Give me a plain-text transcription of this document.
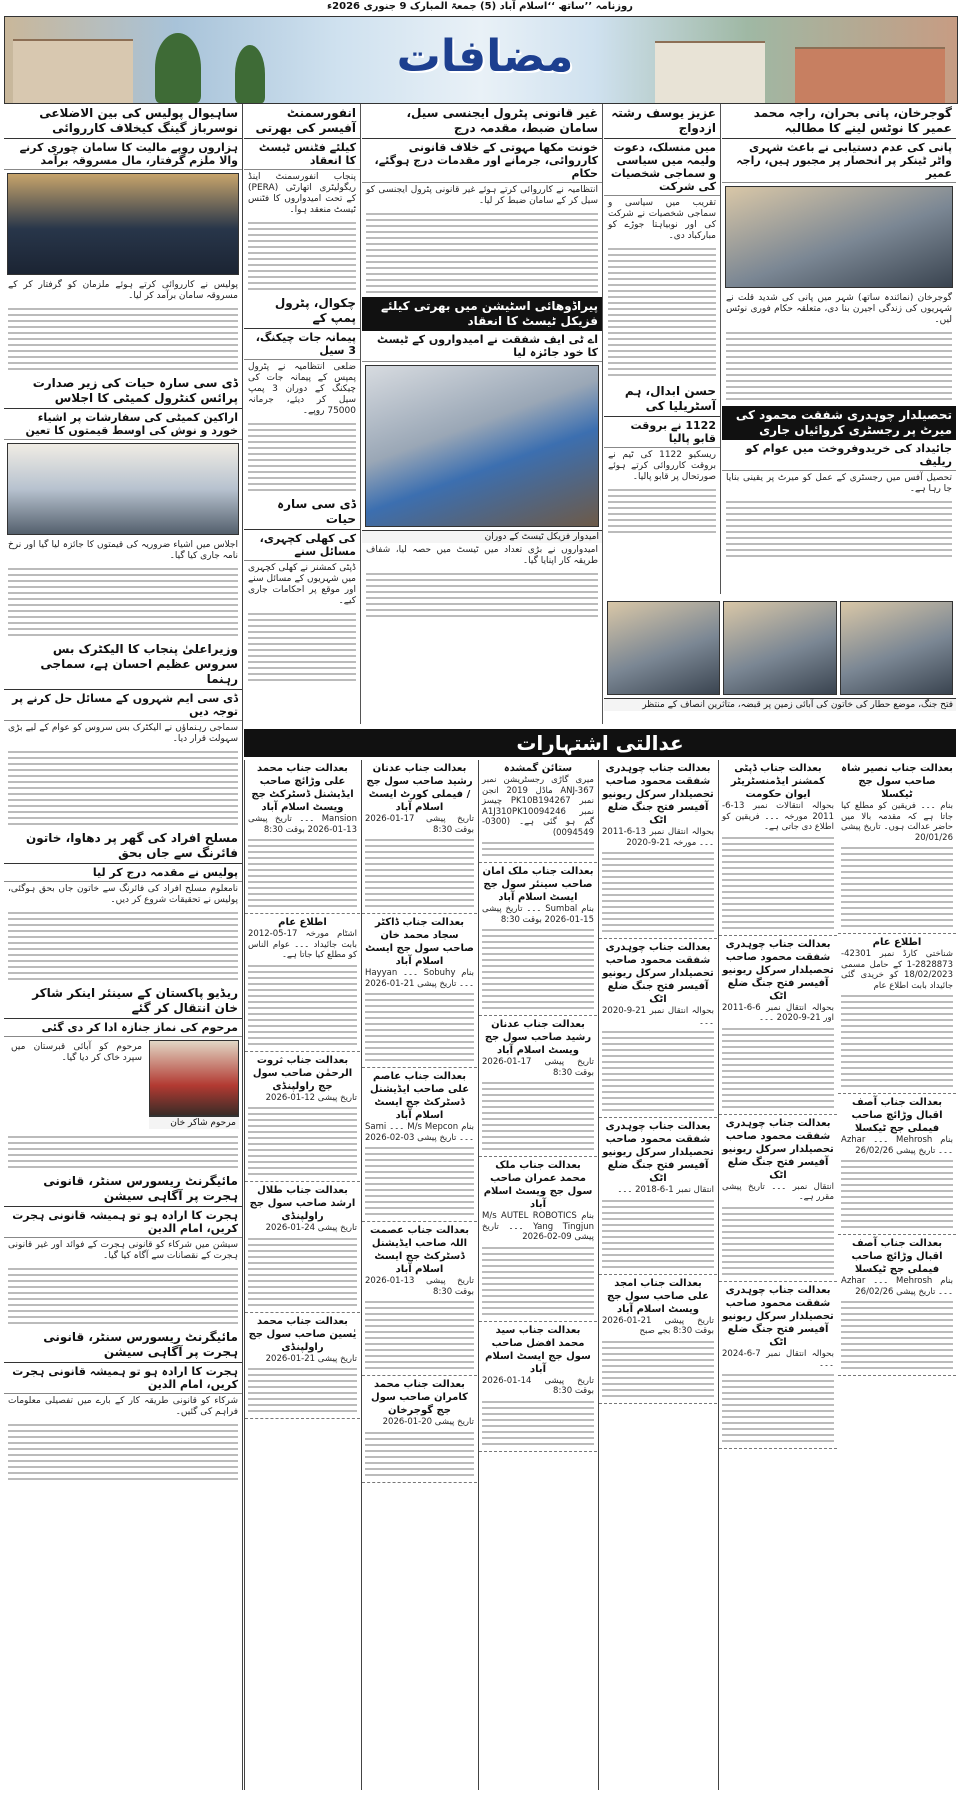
روزنامہ ’’ساتھ ‘‘اسلام آباد (5) جمعۃ المبارک 9 جنوری 2026ء
مضافات
گوجرخان، پانی بحران، راجہ محمد عمیر کا نوٹس لینے کا مطالبہ
پانی کی عدم دستیابی نے باعث شہری واٹر ٹینکر پر انحصار پر مجبور ہیں، راجہ عمیر
گوجرخان (نمائندہ ساتھ) شہر میں پانی کی شدید قلت نے شہریوں کی زندگی اجیرن بنا دی، متعلقہ حکام فوری نوٹس لیں۔
تحصیلدار چوہدری شفقت محمود کی میرٹ پر رجسٹری کروائیاں جاری
جائیداد کی خریدوفروخت میں عوام کو ریلیف
تحصیل آفس میں رجسٹری کے عمل کو میرٹ پر یقینی بنایا جا رہا ہے۔
عزیز یوسف رشتہ ازدواج
میں منسلک، دعوت ولیمہ میں سیاسی و سماجی شخصیات کی شرکت
تقریب میں سیاسی و سماجی شخصیات نے شرکت کی اور نوبیاہتا جوڑے کو مبارکباد دی۔
حسن ابدال، ہم آسٹریلیا کی
1122 نے بروقت قابو پالیا
ریسکیو 1122 کی ٹیم نے بروقت کارروائی کرتے ہوئے صورتحال پر قابو پالیا۔
فتح جنگ، موضع حطار کی خاتون کی آبائی زمین پر قبضہ، متاثرین انصاف کے منتظر
غیر قانونی پٹرول ایجنسی سیل، سامان ضبط، مقدمہ درج
خونت مکھا مہوتی کے خلاف قانونی کارروائی، جرمانے اور مقدمات درج ہوگئے، حکام
انتظامیہ نے کارروائی کرتے ہوئے غیر قانونی پٹرول ایجنسی کو سیل کر کے سامان ضبط کر لیا۔
پیراڈوھائی اسٹیشن میں بھرتی کیلئے فزیکل ٹیسٹ کا انعقاد
اے ٹی ایف شفقت نے امیدواروں کے ٹیسٹ کا خود جائزہ لیا
امیدوار فزیکل ٹیسٹ کے دوران
امیدواروں نے بڑی تعداد میں ٹیسٹ میں حصہ لیا، شفاف طریقہ کار اپنایا گیا۔
انفورسمنٹ آفیسر کی بھرتی
کیلئے فٹنس ٹیسٹ کا انعقاد
پنجاب انفورسمنٹ اینڈ ریگولیٹری اتھارٹی (PERA) کے تحت امیدواروں کا فٹنس ٹیسٹ منعقد ہوا۔
چکوال، پٹرول پمپ کے
پیمانہ جات چیکنگ، 3 سیل
ضلعی انتظامیہ نے پٹرول پمپس کے پیمانہ جات کی چیکنگ کے دوران 3 پمپ سیل کر دیئے، جرمانہ 75000 روپے۔
ڈی سی سارہ حیات
کی کھلی کچہری، مسائل سنے
ڈپٹی کمشنر نے کھلی کچہری میں شہریوں کے مسائل سنے اور موقع پر احکامات جاری کیے۔
ساہیوال پولیس کی بین الاضلاعی نوسرباز گینگ کیخلاف کارروائی
ہزاروں روپے مالیت کا سامان چوری کرنے والا ملزم گرفتار، مال مسروقہ برآمد
پولیس نے کارروائی کرتے ہوئے ملزمان کو گرفتار کر کے مسروقہ سامان برآمد کر لیا۔
ڈی سی سارہ حیات کی زیر صدارت پرائس کنٹرول کمیٹی کا اجلاس
اراکین کمیٹی کی سفارشات پر اشیاء خورد و نوش کی اوسط قیمتوں کا تعین
اجلاس میں اشیاء ضروریہ کی قیمتوں کا جائزہ لیا گیا اور نرخ نامہ جاری کیا گیا۔
وزیراعلیٰ پنجاب کا الیکٹرک بس سروس عظیم احسان ہے، سماجی رہنما
ڈی سی ایم شہروں کے مسائل حل کرنے پر توجہ دیں
سماجی رہنماؤں نے الیکٹرک بس سروس کو عوام کے لیے بڑی سہولت قرار دیا۔
مسلح افراد کی گھر پر دھاوا، خاتون فائرنگ سے جاں بحق
پولیس نے مقدمہ درج کر لیا
نامعلوم مسلح افراد کی فائرنگ سے خاتون جاں بحق ہوگئی، پولیس نے تحقیقات شروع کر دیں۔
ریڈیو پاکستان کے سینئر اینکر شاکر خان انتقال کر گئے
مرحوم کی نماز جنازہ ادا کر دی گئی
مرحوم کو آبائی قبرستان میں سپرد خاک کر دیا گیا۔
مرحوم شاکر خان
مائیگرنٹ ریسورس سنٹر، قانونی ہجرت پر آگاہی سیشن
ہجرت کا ارادہ ہو تو ہمیشہ قانونی ہجرت کریں، امام الدین
سیشن میں شرکاء کو قانونی ہجرت کے فوائد اور غیر قانونی ہجرت کے نقصانات سے آگاہ کیا گیا۔
مائیگرنٹ ریسورس سنٹر، قانونی ہجرت پر آگاہی سیشن
ہجرت کا ارادہ ہو تو ہمیشہ قانونی ہجرت کریں، امام الدین
شرکاء کو قانونی طریقہ کار کے بارے میں تفصیلی معلومات فراہم کی گئیں۔
عدالتی اشتہارات
بعدالت جناب نصیر شاہ صاحب سول جج ٹیکسلا
بنام ۔۔۔ فریقین کو مطلع کیا جاتا ہے کہ مقدمہ بالا میں حاضر عدالت ہوں۔ تاریخ پیشی 20/01/26
اطلاع عام
شناختی کارڈ نمبر 42301-2828873-1 کے حامل مسمی 18/02/2023 کو خریدی گئی جائیداد بابت اطلاع عام
بعدالت جناب آصف اقبال وڑائچ صاحب فیملی جج ٹیکسلا
بنام Mehrosh ۔۔۔ Azhar ۔۔۔ تاریخ پیشی 26/02/26
بعدالت جناب آصف اقبال وڑائچ صاحب فیملی جج ٹیکسلا
بنام Mehrosh ۔۔۔ Azhar ۔۔۔ تاریخ پیشی 26/02/26
بعدالت جناب ڈپٹی کمشنر ایڈمنسٹریٹر ایوان حکومت
بحوالہ انتقالات نمبر 13-6-2011 مورخہ ۔۔۔ فریقین کو اطلاع دی جاتی ہے۔
بعدالت جناب چوہدری شفقت محمود صاحب تحصیلدار سرکل ریونیو آفیسر فتح جنگ ضلع اٹک
بحوالہ انتقال نمبر 6-6-2011 اور 21-9-2020 ۔۔۔
بعدالت جناب چوہدری شفقت محمود صاحب تحصیلدار سرکل ریونیو آفیسر فتح جنگ ضلع اٹک
انتقال نمبر ۔۔۔ تاریخ پیشی مقرر ہے۔
بعدالت جناب چوہدری شفقت محمود صاحب تحصیلدار سرکل ریونیو آفیسر فتح جنگ ضلع اٹک
بحوالہ انتقال نمبر 7-6-2024 ۔۔۔
بعدالت جناب چوہدری شفقت محمود صاحب تحصیلدار سرکل ریونیو آفیسر فتح جنگ ضلع اٹک
بحوالہ انتقال نمبر 13-6-2011 ۔۔۔ مورخہ 21-9-2020
بعدالت جناب چوہدری شفقت محمود صاحب تحصیلدار سرکل ریونیو آفیسر فتح جنگ ضلع اٹک
بحوالہ انتقال نمبر 21-9-2020 ۔۔۔
بعدالت جناب چوہدری شفقت محمود صاحب تحصیلدار سرکل ریونیو آفیسر فتح جنگ ضلع اٹک
انتقال نمبر 1-6-2018 ۔۔۔
بعدالت جناب امجد علی صاحب سول جج ویسٹ اسلام آباد
تاریخ پیشی 21-01-2026 بوقت 8:30 بجے صبح
ستائن گمشدہ
میری گاڑی رجسٹریشن نمبر ANJ-367 ماڈل 2019 انجن نمبر PK10B194267 چیسز نمبر A1J310PK10094246 گم ہو گئی ہے۔ (0300-0094549)
بعدالت جناب ملک امان صاحب سینئر سول جج ایسٹ اسلام آباد
بنام Sumbal ۔۔۔ تاریخ پیشی 15-01-2026 بوقت 8:30
بعدالت جناب عدنان رشید صاحب سول جج ویسٹ اسلام آباد
تاریخ پیشی 17-01-2026 بوقت 8:30
بعدالت جناب ملک محمد عمران صاحب سول جج ویسٹ اسلام آباد
بنام M/s AUTEL ROBOTICS Yang Tingjun ۔۔۔ تاریخ پیشی 09-02-2026
بعدالت جناب سید محمد افضل صاحب سول جج ایسٹ اسلام آباد
تاریخ پیشی 14-01-2026 بوقت 8:30
بعدالت جناب عدنان رشید صاحب سول جج / فیملی کورٹ ایسٹ اسلام آباد
تاریخ پیشی 17-01-2026 بوقت 8:30
بعدالت جناب ڈاکٹر سجاد محمد خان صاحب سول جج ایسٹ اسلام آباد
بنام Sobuhy ۔۔۔ Hayyan ۔۔۔ تاریخ پیشی 21-01-2026
بعدالت جناب عاصم علی صاحب ایڈیشنل ڈسٹرکٹ جج ایسٹ اسلام آباد
بنام M/s Mepcon ۔۔۔ Sami ۔۔۔ تاریخ پیشی 03-02-2026
بعدالت جناب عصمت اللہ صاحب ایڈیشنل ڈسٹرکٹ جج ایسٹ اسلام آباد
تاریخ پیشی 13-01-2026 بوقت 8:30
بعدالت جناب محمد کامران صاحب سول جج گوجرخان
تاریخ پیشی 20-01-2026
بعدالت جناب محمد علی وڑائچ صاحب ایڈیشنل ڈسٹرکٹ جج ویسٹ اسلام آباد
Mansion ۔۔۔ تاریخ پیشی 13-01-2026 بوقت 8:30
اطلاع عام
اشٹام مورخہ 17-05-2012 بابت جائیداد ۔۔۔ عوام الناس کو مطلع کیا جاتا ہے۔
بعدالت جناب ثروت الرحمٰن صاحب سول جج راولپنڈی
تاریخ پیشی 12-01-2026
بعدالت جناب طلال ارشد صاحب سول جج راولپنڈی
تاریخ پیشی 24-01-2026
بعدالت جناب محمد یٰسین صاحب سول جج راولپنڈی
تاریخ پیشی 21-01-2026
